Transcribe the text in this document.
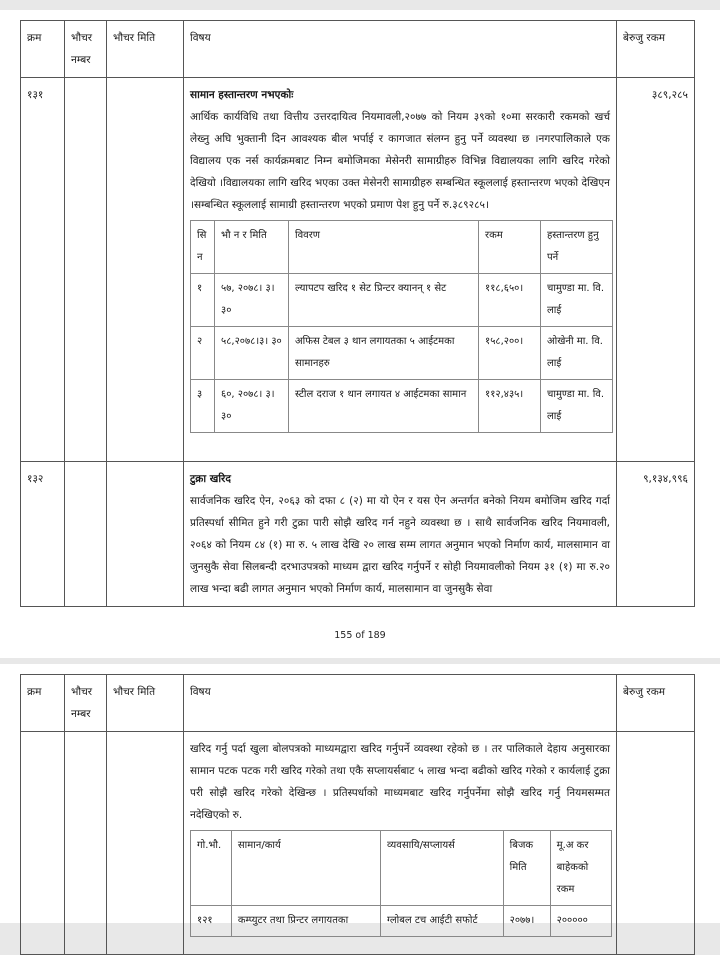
क्रम	भौचर नम्बर	भौचर मिति	विषय	बेरुजु रकम
१३१			सामान हस्तान्तरण नभएकोः
आर्थिक कार्यविधि तथा वित्तीय उत्तरदायित्व नियमावली,२०७७ को नियम ३९को १०मा सरकारी रकमको खर्च लेख्नु अघि भुक्तानी दिन आवश्यक बील भर्पाई र कागजात संलग्न हुनु पर्ने व्यवस्था छ ।नगरपालिकाले एक विद्यालय एक नर्स कार्यक्रमबाट निम्न बमोजिमका मेसेनरी सामाग्रीहरु विभिन्न विद्यालयका लागि खरिद गरेको देखियो ।विद्यालयका लागि खरिद भएका उक्त मेसेनरी सामाग्रीहरु सम्बन्धित स्कूललाई हस्तान्तरण भएको देखिएन ।सम्बन्धित स्कूललाई सामाग्री हस्तान्तरण भएको प्रमाण पेश हुनु पर्ने रु.३८९२८५।
सि न	भौ न र मिति	विवरण	रकम	हस्तान्तरण हुनु पर्ने
१	५७, २०७८। ३।३०	ल्यापटप खरिद १ सेट प्रिन्टर क्यानन् १ सेट	११८,६५०।	चामुण्डा मा. वि. लाई
२	५८,२०७८।३। ३०	अफिस टेबल ३ थान लगायतका ५ आईटमका सामानहरु	१५८,२००।	ओखेनी मा. वि. लाई
३	६०, २०७८। ३।३०	स्टील दराज १ थान लगायत ४ आईटमका सामान	११२,४३५।	चामुण्डा मा. वि. लाई
	३८९,२८५
१३२			टुक्रा खरिद
सार्वजनिक खरिद ऐन, २०६३ को दफा ८ (२) मा यो ऐन र यस ऐन अन्तर्गत बनेको नियम बमोजिम खरिद गर्दा प्रतिस्पर्धा सीमित हुने गरी टुक्रा पारी सोझै खरिद गर्न नहुने व्यवस्था छ । साथै सार्वजनिक खरिद नियमावली, २०६४ को नियम ८४ (१) मा रु. ५ लाख देखि २० लाख सम्म लागत अनुमान भएको निर्माण कार्य, मालसामान वा जुनसुकै सेवा सिलबन्दी दरभाउपत्रको माध्यम द्वारा खरिद गर्नुपर्ने र सोही नियमावलीको नियम ३१ (१) मा रु.२० लाख भन्दा बढी लागत अनुमान भएको निर्माण कार्य, मालसामान वा जुनसुकै सेवा
	९,१३४,९९६
155 of 189
क्रम	भौचर नम्बर	भौचर मिति	विषय	बेरुजु रकम

खरिद गर्नु पर्दा खुला बोलपत्रको माध्यमद्वारा खरिद गर्नुपर्ने व्यवस्था रहेको छ । तर पालिकाले देहाय अनुसारका सामान पटक पटक गरी खरिद गरेको तथा एकै सप्लायर्सबाट ५ लाख भन्दा बढीको खरिद गरेको र कार्यलाई टुक्रा परी सोझै खरिद गरेको देखिन्छ । प्रतिस्पर्धाको माध्यमबाट खरिद गर्नुपर्नेमा सोझै खरिद गर्नु नियमसम्मत नदेखिएको रु.
गो.भौ.	सामान/कार्य	व्यवसायि/सप्लायर्स	बिजक मिति	मू.अ कर बाहेकको रकम
१२१	कम्प्युटर तथा प्रिन्टर लगायतका	ग्लोबल टच आईटी सफोर्ट	२०७७।	२०००००
